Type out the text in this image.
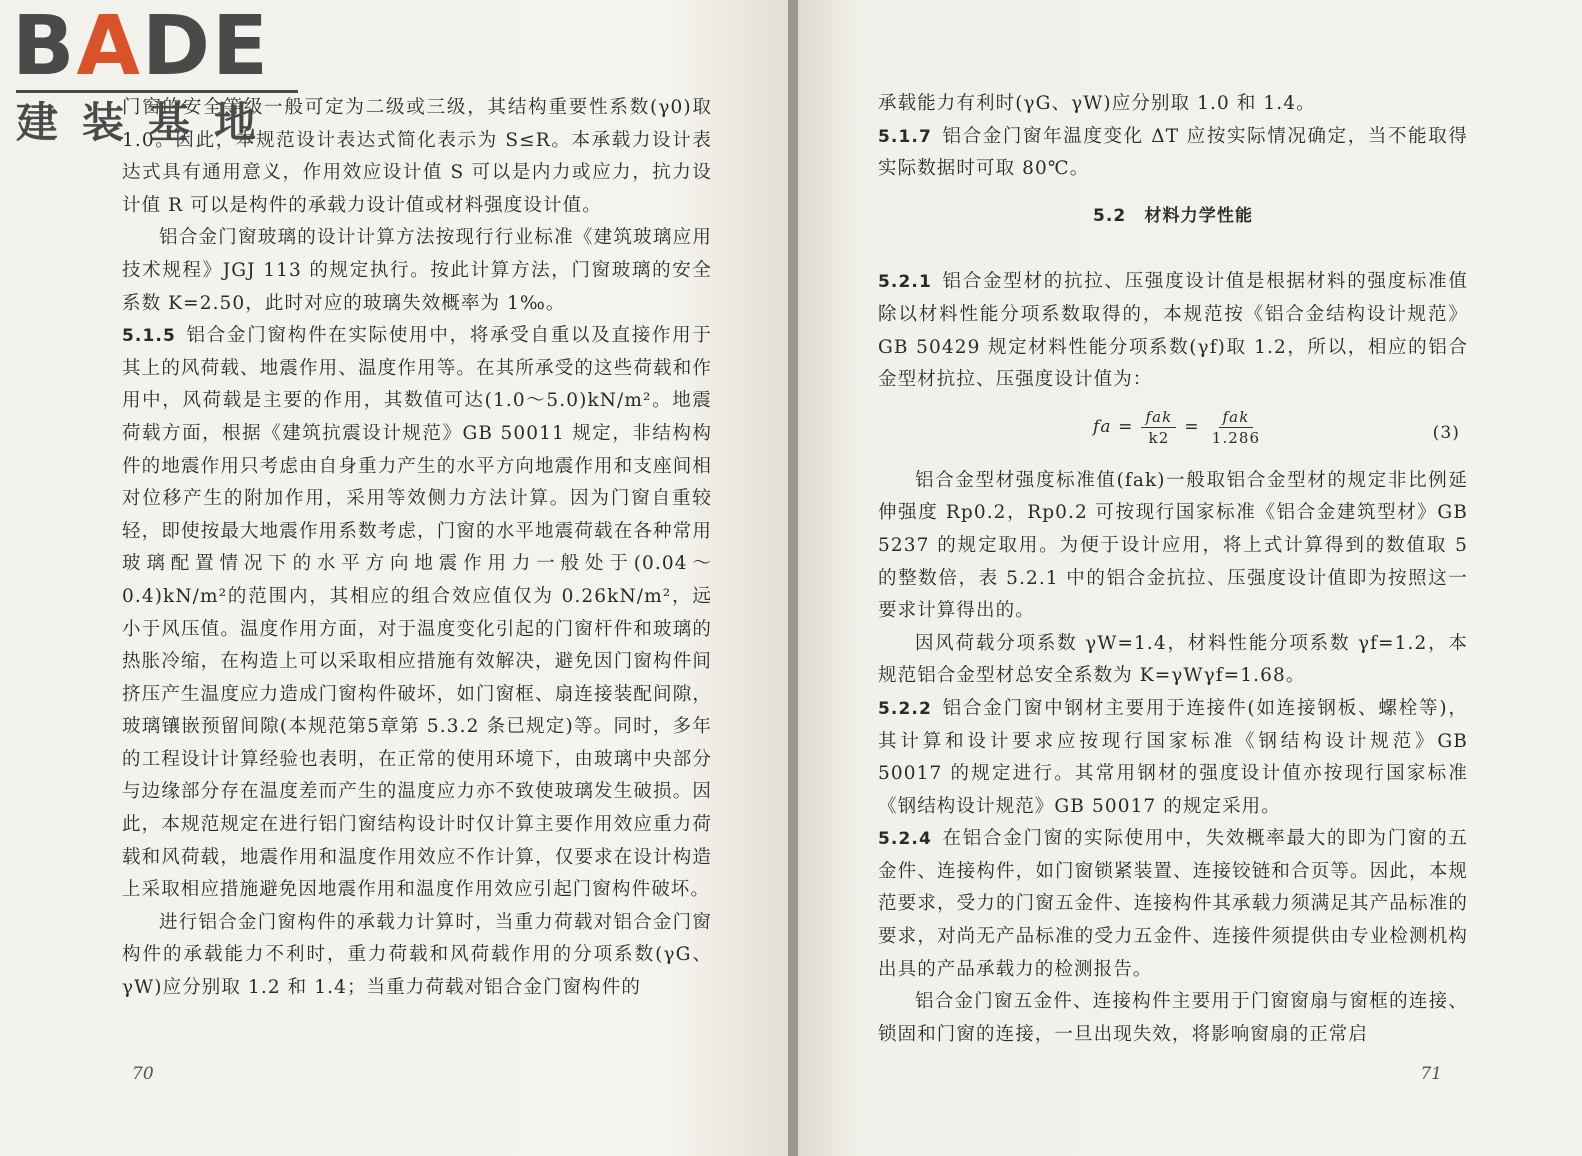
门窗的安全等级一般可定为二级或三级，其结构重要性系数(γ0)取1.0。因此，本规范设计表达式简化表示为 S≤R。本承载力设计表达式具有通用意义，作用效应设计值 S 可以是内力或应力，抗力设计值 R 可以是构件的承载力设计值或材料强度设计值。

铝合金门窗玻璃的设计计算方法按现行行业标准《建筑玻璃应用技术规程》JGJ 113 的规定执行。按此计算方法，门窗玻璃的安全系数 K=2.50，此时对应的玻璃失效概率为 1‰。

5.1.5 铝合金门窗构件在实际使用中，将承受自重以及直接作用于其上的风荷载、地震作用、温度作用等。在其所承受的这些荷载和作用中，风荷载是主要的作用，其数值可达(1.0～5.0)kN/m²。地震荷载方面，根据《建筑抗震设计规范》GB 50011 规定，非结构构件的地震作用只考虑由自身重力产生的水平方向地震作用和支座间相对位移产生的附加作用，采用等效侧力方法计算。因为门窗自重较轻，即使按最大地震作用系数考虑，门窗的水平地震荷载在各种常用玻璃配置情况下的水平方向地震作用力一般处于(0.04～0.4)kN/m²的范围内，其相应的组合效应值仅为 0.26kN/m²，远小于风压值。温度作用方面，对于温度变化引起的门窗杆件和玻璃的热胀冷缩，在构造上可以采取相应措施有效解决，避免因门窗构件间挤压产生温度应力造成门窗构件破坏，如门窗框、扇连接装配间隙，玻璃镶嵌预留间隙(本规范第5章第 5.3.2 条已规定)等。同时，多年的工程设计计算经验也表明，在正常的使用环境下，由玻璃中央部分与边缘部分存在温度差而产生的温度应力亦不致使玻璃发生破损。因此，本规范规定在进行铝门窗结构设计时仅计算主要作用效应重力荷载和风荷载，地震作用和温度作用效应不作计算，仅要求在设计构造上采取相应措施避免因地震作用和温度作用效应引起门窗构件破坏。

进行铝合金门窗构件的承载力计算时，当重力荷载对铝合金门窗构件的承载能力不利时，重力荷载和风荷载作用的分项系数(γG、γW)应分别取 1.2 和 1.4；当重力荷载对铝合金门窗构件的

70

承载能力有利时(γG、γW)应分别取 1.0 和 1.4。

5.1.7 铝合金门窗年温度变化 ΔT 应按实际情况确定，当不能取得实际数据时可取 80℃。

5.2　材料力学性能

5.2.1 铝合金型材的抗拉、压强度设计值是根据材料的强度标准值除以材料性能分项系数取得的，本规范按《铝合金结构设计规范》GB 50429 规定材料性能分项系数(γf)取 1.2，所以，相应的铝合金型材抗拉、压强度设计值为：

fa = $\frac{\text{fak}}{k2} = \frac{\text{fak}}{1.286}$	(3)

铝合金型材强度标准值(fak)一般取铝合金型材的规定非比例延伸强度 Rp0.2，Rp0.2 可按现行国家标准《铝合金建筑型材》GB 5237 的规定取用。为便于设计应用，将上式计算得到的数值取 5 的整数倍，表 5.2.1 中的铝合金抗拉、压强度设计值即为按照这一要求计算得出的。

因风荷载分项系数 γW=1.4，材料性能分项系数 γf=1.2，本规范铝合金型材总安全系数为 K=γWγf=1.68。

5.2.2 铝合金门窗中钢材主要用于连接件(如连接钢板、螺栓等)，其计算和设计要求应按现行国家标准《钢结构设计规范》GB 50017 的规定进行。其常用钢材的强度设计值亦按现行国家标准《钢结构设计规范》GB 50017 的规定采用。

5.2.4 在铝合金门窗的实际使用中，失效概率最大的即为门窗的五金件、连接构件，如门窗锁紧装置、连接铰链和合页等。因此，本规范要求，受力的门窗五金件、连接构件其承载力须满足其产品标准的要求，对尚无产品标准的受力五金件、连接件须提供由专业检测机构出具的产品承载力的检测报告。

铝合金门窗五金件、连接构件主要用于门窗窗扇与窗框的连接、锁固和门窗的连接，一旦出现失效，将影响窗扇的正常启

71
BADE
建装基地
